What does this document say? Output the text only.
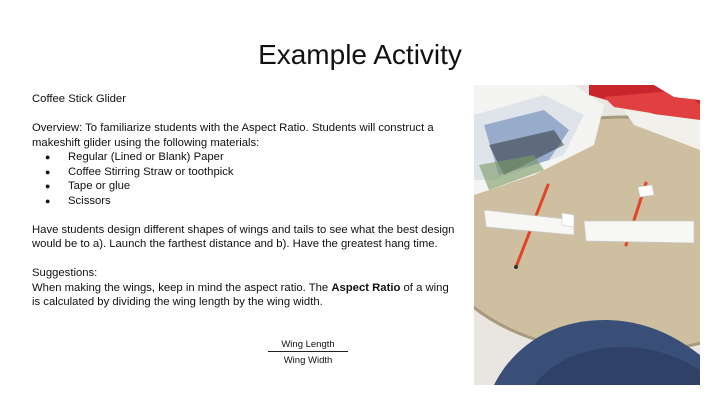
Example Activity

Coffee Stick Glider

Overview: To familiarize students with the Aspect Ratio. Students will construct a makeshift glider using the following materials:

● Regular (Lined or Blank) Paper
● Coffee Stirring Straw or toothpick
● Tape or glue
● Scissors

Have students design different shapes of wings and tails to see what the best design would be to a). Launch the farthest distance and b). Have the greatest hang time.

Suggestions:

When making the wings, keep in mind the aspect ratio. The Aspect Ratio of a wing is calculated by dividing the wing length by the wing width.

Wing Length
Wing Width
